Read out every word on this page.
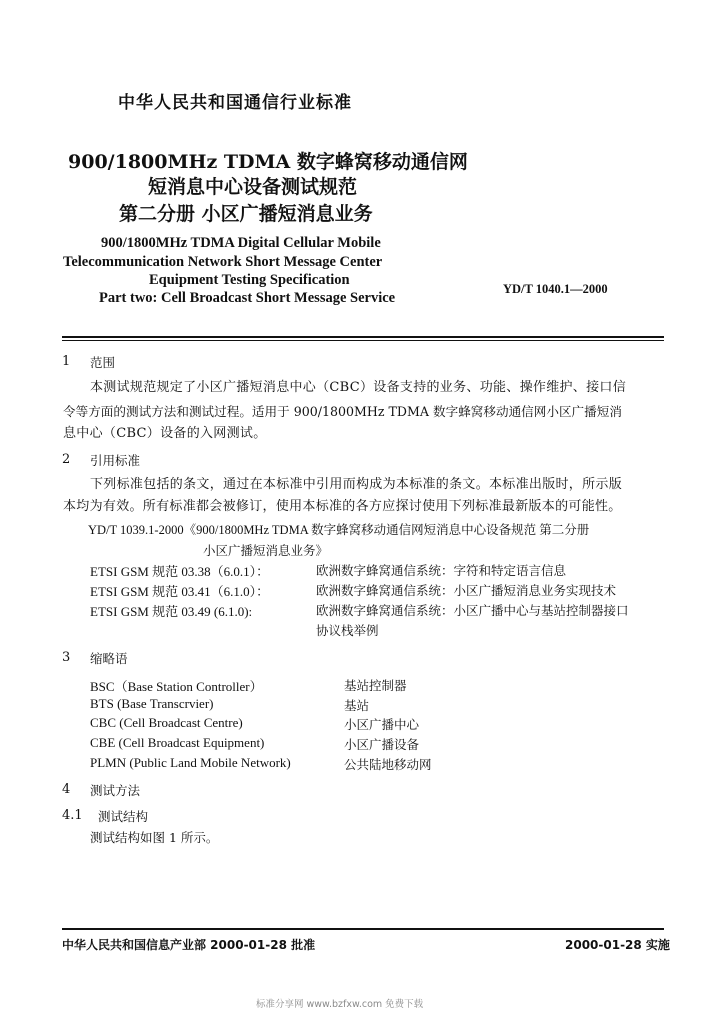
中华人民共和国通信行业标准
900/1800MHz TDMA 数字蜂窝移动通信网
短消息中心设备测试规范
第二分册 小区广播短消息业务
900/1800MHz TDMA Digital Cellular Mobile
Telecommunication Network Short Message Center
Equipment Testing Specification
Part two: Cell Broadcast Short Message Service
YD/T 1040.1—2000
1 范围
本测试规范规定了小区广播短消息中心（CBC）设备支持的业务、功能、操作维护、接口信
令等方面的测试方法和测试过程。适用于 900/1800MHz TDMA 数字蜂窝移动通信网小区广播短消
息中心（CBC）设备的入网测试。
2 引用标准
下列标准包括的条文，通过在本标准中引用而构成为本标准的条文。本标准出版时，所示版
本均为有效。所有标准都会被修订，使用本标准的各方应探讨使用下列标准最新版本的可能性。
YD/T 1039.1-2000《900/1800MHz TDMA 数字蜂窝移动通信网短消息中心设备规范 第二分册
小区广播短消息业务》
ETSI GSM 规范 03.38（6.0.1）：	欧洲数字蜂窝通信系统：字符和特定语言信息
ETSI GSM 规范 03.41（6.1.0）：	欧洲数字蜂窝通信系统：小区广播短消息业务实现技术
ETSI GSM 规范 03.49 (6.1.0):	欧洲数字蜂窝通信系统：小区广播中心与基站控制器接口
协议栈举例
3 缩略语
BSC（Base Station Controller）	基站控制器
BTS (Base Transcrvier)	基站
CBC (Cell Broadcast Centre)	小区广播中心
CBE (Cell Broadcast Equipment)	小区广播设备
PLMN (Public Land Mobile Network)	公共陆地移动网
4 测试方法
4.1 测试结构
测试结构如图 1 所示。
中华人民共和国信息产业部 2000-01-28 批准	2000-01-28 实施
标准分享网 www.bzfxw.com 免费下载
